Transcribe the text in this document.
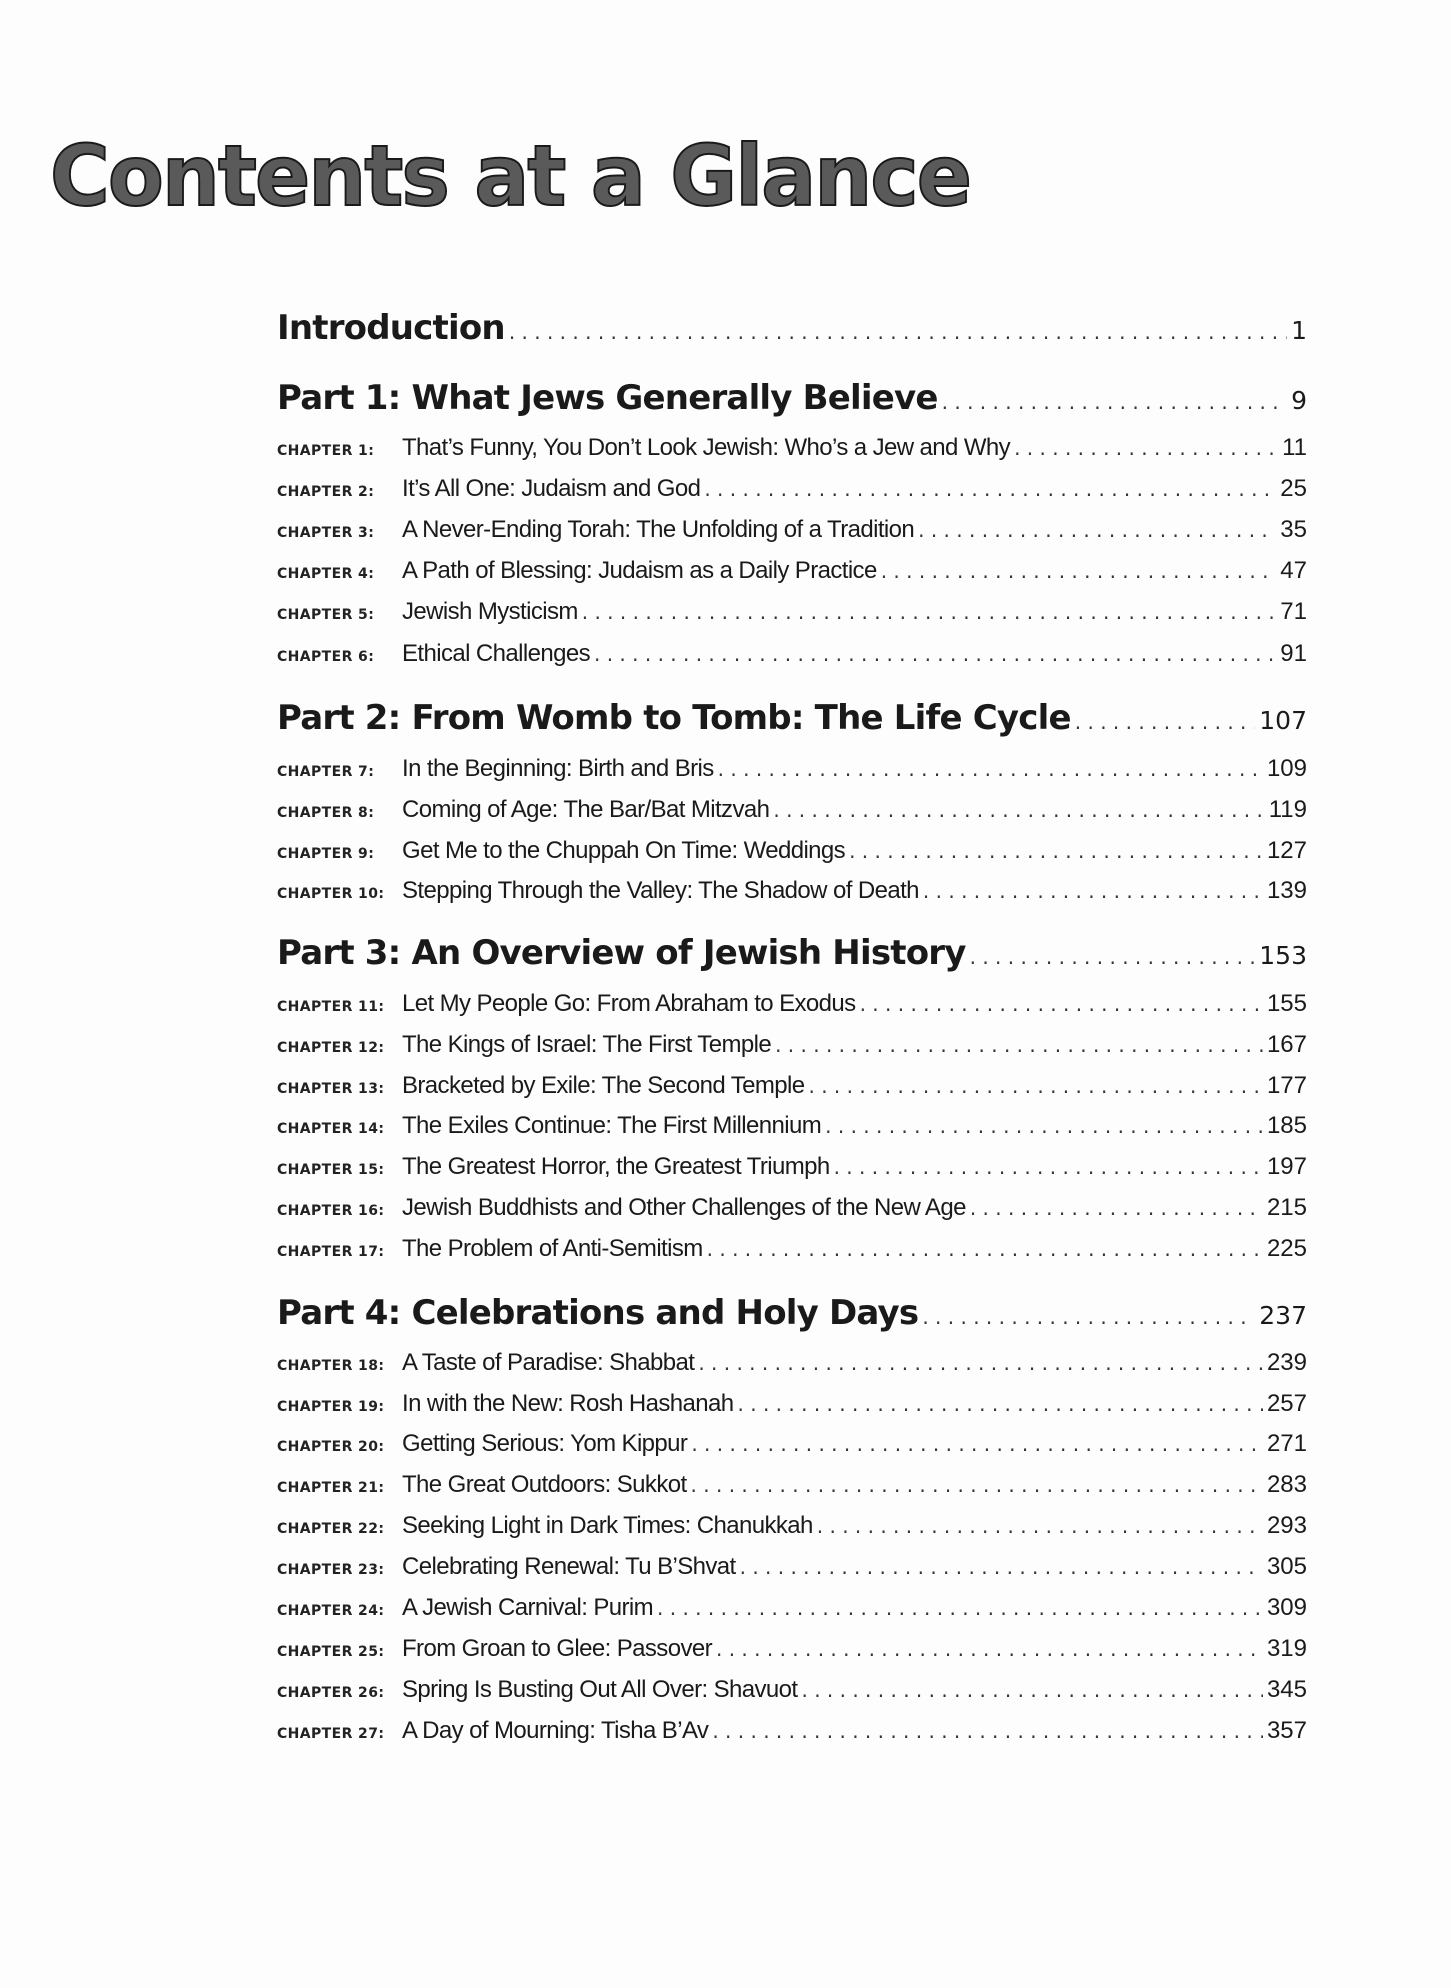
Contents at a Glance
Introduction . . .	1
Part 1: What Jews Generally Believe . . .	9
CHAPTER 1:	That’s Funny, You Don’t Look Jewish: Who’s a Jew and Why . . .	11
CHAPTER 2:	It’s All One: Judaism and God . . .	25
CHAPTER 3:	A Never-Ending Torah: The Unfolding of a Tradition . . .	35
CHAPTER 4:	A Path of Blessing: Judaism as a Daily Practice . . .	47
CHAPTER 5:	Jewish Mysticism . . .	71
CHAPTER 6:	Ethical Challenges . . .	91
Part 2: From Womb to Tomb: The Life Cycle . . .	107
CHAPTER 7:	In the Beginning: Birth and Bris . . .	109
CHAPTER 8:	Coming of Age: The Bar/Bat Mitzvah . . .	119
CHAPTER 9:	Get Me to the Chuppah On Time: Weddings . . .	127
CHAPTER 10: Stepping Through the Valley: The Shadow of Death . . .	139
Part 3: An Overview of Jewish History . . .	153
CHAPTER 11: Let My People Go: From Abraham to Exodus . . .	155
CHAPTER 12: The Kings of Israel: The First Temple . . .	167
CHAPTER 13: Bracketed by Exile: The Second Temple . . .	177
CHAPTER 14: The Exiles Continue: The First Millennium . . .	185
CHAPTER 15: The Greatest Horror, the Greatest Triumph . . .	197
CHAPTER 16: Jewish Buddhists and Other Challenges of the New Age . . .	215
CHAPTER 17: The Problem of Anti-Semitism . . .	225
Part 4: Celebrations and Holy Days . . .	237
CHAPTER 18: A Taste of Paradise: Shabbat . . .	239
CHAPTER 19: In with the New: Rosh Hashanah . . .	257
CHAPTER 20: Getting Serious: Yom Kippur . . .	271
CHAPTER 21: The Great Outdoors: Sukkot . . .	283
CHAPTER 22: Seeking Light in Dark Times: Chanukkah . . .	293
CHAPTER 23: Celebrating Renewal: Tu B’Shvat . . .	305
CHAPTER 24: A Jewish Carnival: Purim . . .	309
CHAPTER 25: From Groan to Glee: Passover . . .	319
CHAPTER 26: Spring Is Busting Out All Over: Shavuot . . .	345
CHAPTER 27: A Day of Mourning: Tisha B’Av . . .	357
